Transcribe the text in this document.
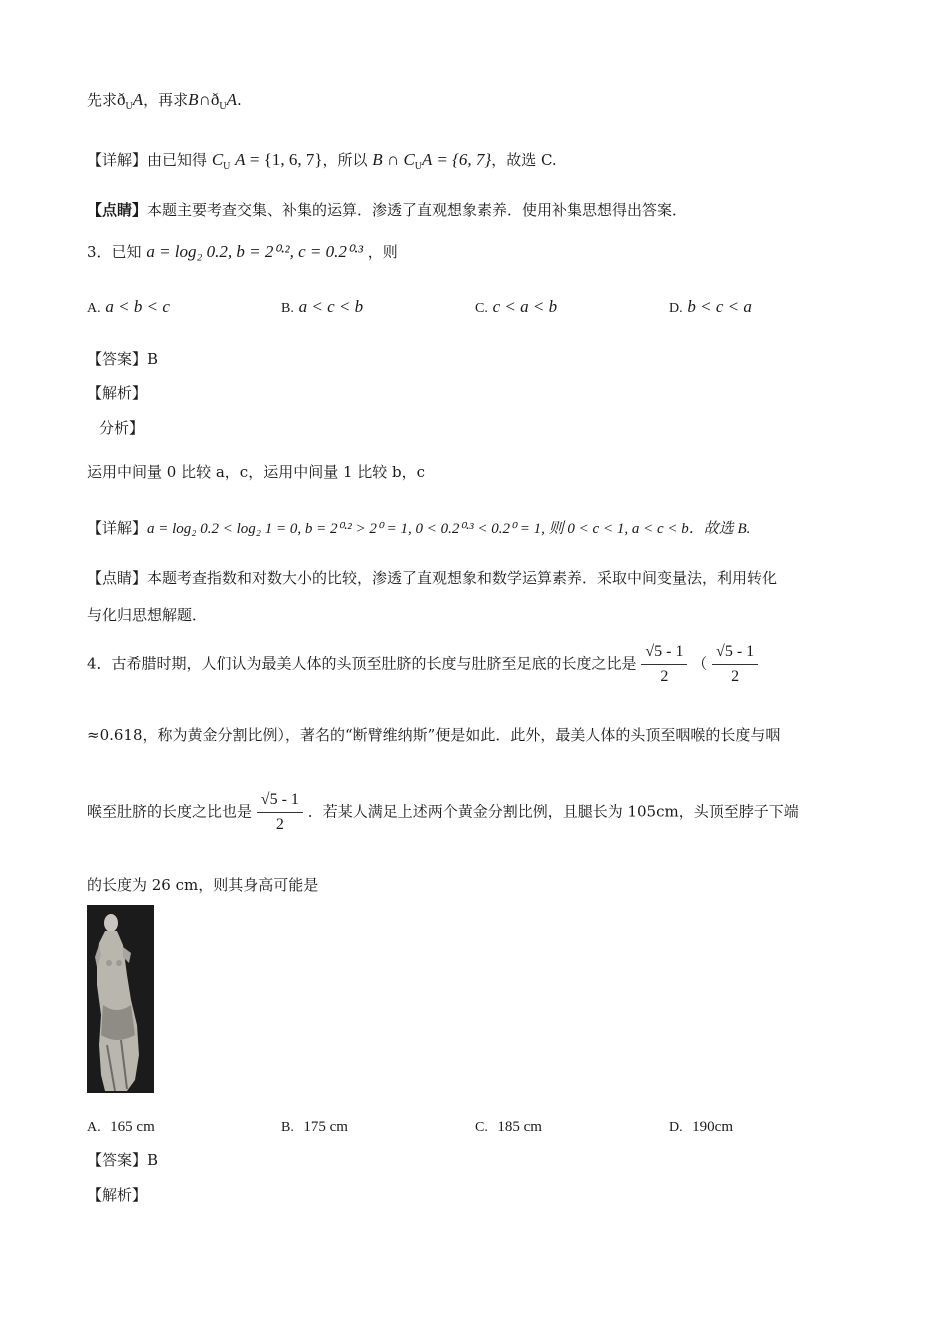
先求$ð_UA$，再求$B\cap ð_UA$.
【详解】由已知得 $C_U$ A = {1, 6, 7}，所以 B ∩ $C_UA = \{6$, 7}，故选 C.
【点睛】本题主要考查交集、补集的运算．渗透了直观想象素养．使用补集思想得出答案．
3．已知 a = log₂ 0.2, b = 2⁰·², c = 0.2⁰·³ ，则
A. a < b < c	B. a < c < b	C. c < a < b	D. b < c < a
【答案】B
【解析】
分析】
运用中间量 0 比较 a，c，运用中间量 1 比较 b，c
【详解】a = log₂ 0.2 < log₂ 1 = 0, b = 2⁰·² > 2⁰ = 1, 0 < 0.2⁰·³ < 0.2⁰ = 1, 则 0 < c < 1, a < c < b．故选 B.
【点睛】本题考查指数和对数大小的比较，渗透了直观想象和数学运算素养．采取中间变量法，利用转化
与化归思想解题．
4．古希腊时期，人们认为最美人体的头顶至肚脐的长度与肚脐至足底的长度之比是 $\frac{√5 - 1}{2}$ （ $\frac{√5 - 1}{2}$
≈0.618，称为黄金分割比例），著名的“断臂维纳斯”便是如此．此外，最美人体的头顶至咽喉的长度与咽
喉至肚脐的长度之比也是 $\frac{√5 - 1}{2}$ ．若某人满足上述两个黄金分割比例，且腿长为 105cm，头顶至脖子下端
的长度为 26 cm，则其身高可能是
A. 165 cm	B. 175 cm	C. 185 cm	D. 190cm
【答案】B
【解析】
